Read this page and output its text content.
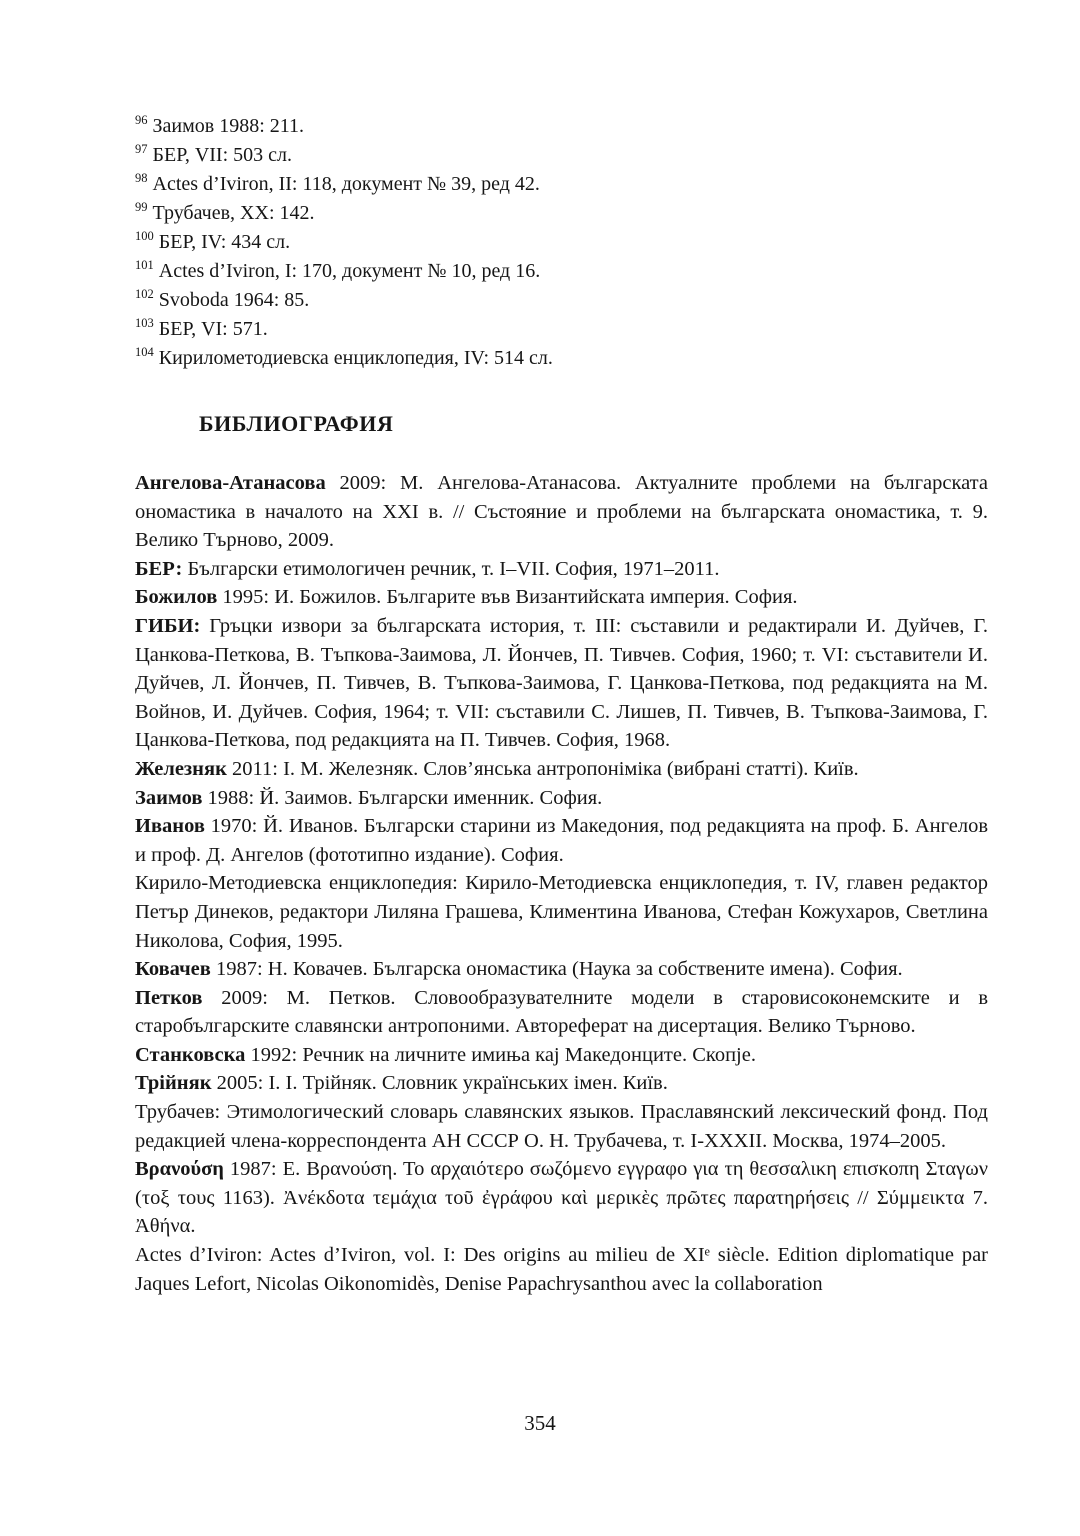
$^{96}$ Заимов 1988: 211.
$^{97}$ БЕР, VII: 503 сл.
$^{98}$ Actes d’Iviron, II: 118, документ № 39, ред 42.
$^{99}$ Трубачев, XX: 142.
$^{100}$ БЕР, IV: 434 сл.
$^{101}$ Actes d’Iviron, I: 170, документ № 10, ред 16.
$^{102}$ Svoboda 1964: 85.
$^{103}$ БЕР, VI: 571.
$^{104}$ Кирилометодиевска енциклопедия, IV: 514 сл.
БИБЛИОГРАФИЯ

Ангелова-Атанасова 2009: М. Ангелова-Атанасова. Актуалните проблеми на българската ономастика в началото на XXI в. // Състояние и проблеми на българската ономастика, т. 9. Велико Търново, 2009.

БЕР: Български етимологичен речник, т. I–VII. София, 1971–2011.

Божилов 1995: И. Божилов. Българите във Византийската империя. София.

ГИБИ: Гръцки извори за българската история, т. III: съставили и редактирали И. Дуйчев, Г. Цанкова-Петкова, В. Тъпкова-Заимова, Л. Йончев, П. Тивчев. София, 1960; т. VI: съставители И. Дуйчев, Л. Йончев, П. Тивчев, В. Тъпкова-Заимова, Г. Цанкова-Петкова, под редакцията на М. Войнов, И. Дуйчев. София, 1964; т. VII: съставили С. Лишев, П. Тивчев, В. Тъпкова-Заимова, Г. Цанкова-Петкова, под редакцията на П. Тивчев. София, 1968.

Железняк 2011: І. М. Железняк. Слов’янська антропоніміка (вибрані статті). Київ.

Заимов 1988: Й. Заимов. Български именник. София.

Иванов 1970: Й. Иванов. Български старини из Македония, под редакцията на проф. Б. Ангелов и проф. Д. Ангелов (фототипно издание). София.

Кирило-Методиевска енциклопедия: Кирило-Методиевска енциклопедия, т. IV, главен редактор Петър Динеков, редактори Лиляна Грашева, Климентина Иванова, Стефан Кожухаров, Светлина Николова, София, 1995.

Ковачев 1987: Н. Ковачев. Българска ономастика (Наука за собствените имена). София.

Петков 2009: М. Петков. Словообразувателните модели в старовисоконемските и в старобългарските славянски антропоними. Автореферат на дисертация. Велико Търново.

Станковска 1992: Речник на личните имиња кај Македонците. Скопје.

Трійняк 2005: І. І. Трійняк. Словник українських імен. Київ.

Трубачев: Этимологический словарь славянских языков. Праславянский лексический фонд. Под редакцией члена-корреспондента АН СССР О. Н. Трубачева, т. I-XXXII. Москва, 1974–2005.

Βρανούση 1987: Ε. Βρανούση. Το αρχαιότερο σωζόμενο εγγραφο για τη θεσσαλικη επισκοπη Σταγων (τοξ τους 1163). Ἀνέκδοτα τεμάχια τοῦ ἐγράφου καὶ μερικὲς πρῶτες παρατηρήσεις // Σύμμεικτα 7. Ἀθήνα.

Actes d’Iviron: Actes d’Iviron, vol. I: Des origins au milieu de XIᵉ siècle. Edition diplomatique par Jaques Lefort, Nicolas Oikonomidès, Denise Papachrysanthou avec la collaboration

354
